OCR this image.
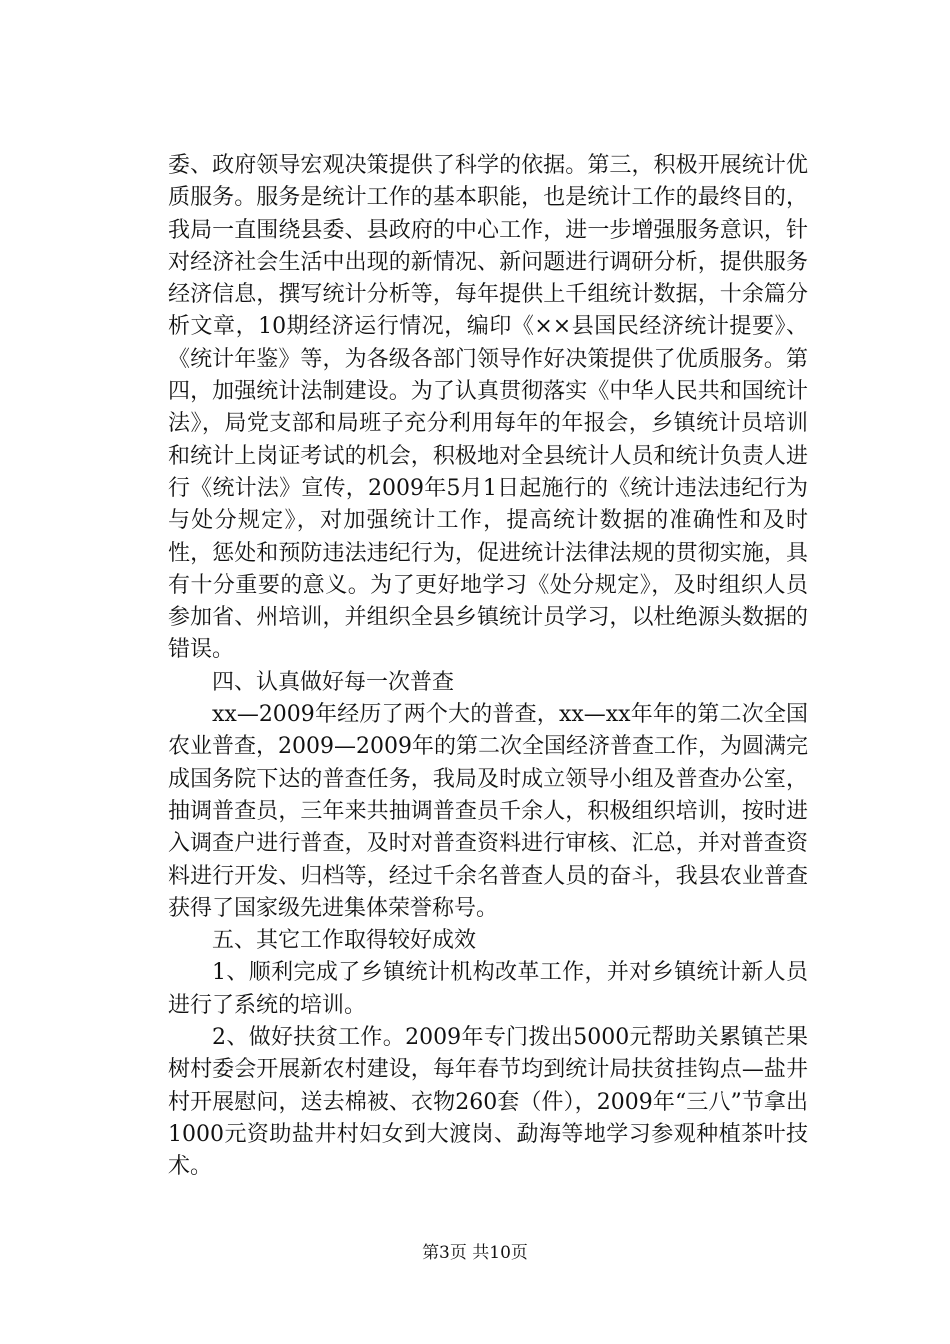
委、政府领导宏观决策提供了科学的依据。第三，积极开展统计优质服务。服务是统计工作的基本职能，也是统计工作的最终目的，我局一直围绕县委、县政府的中心工作，进一步增强服务意识，针对经济社会生活中出现的新情况、新问题进行调研分析，提供服务经济信息，撰写统计分析等，每年提供上千组统计数据，十余篇分析文章，10期经济运行情况，编印《××县国民经济统计提要》、《统计年鉴》等，为各级各部门领导作好决策提供了优质服务。第四，加强统计法制建设。为了认真贯彻落实《中华人民共和国统计法》，局党支部和局班子充分利用每年的年报会，乡镇统计员培训和统计上岗证考试的机会，积极地对全县统计人员和统计负责人进行《统计法》宣传，2009年5月1日起施行的《统计违法违纪行为与处分规定》，对加强统计工作，提高统计数据的准确性和及时性，惩处和预防违法违纪行为，促进统计法律法规的贯彻实施，具有十分重要的意义。为了更好地学习《处分规定》，及时组织人员参加省、州培训，并组织全县乡镇统计员学习，以杜绝源头数据的错误。

四、认真做好每一次普查

xx—2009年经历了两个大的普查，xx—xx年年的第二次全国农业普查，2009—2009年的第二次全国经济普查工作，为圆满完成国务院下达的普查任务，我局及时成立领导小组及普查办公室，抽调普查员，三年来共抽调普查员千余人，积极组织培训，按时进入调查户进行普查，及时对普查资料进行审核、汇总，并对普查资料进行开发、归档等，经过千余名普查人员的奋斗，我县农业普查获得了国家级先进集体荣誉称号。

五、其它工作取得较好成效

1、顺利完成了乡镇统计机构改革工作，并对乡镇统计新人员进行了系统的培训。

2、做好扶贫工作。2009年专门拨出5000元帮助关累镇芒果树村委会开展新农村建设，每年春节均到统计局扶贫挂钩点—盐井村开展慰问，送去棉被、衣物260套（件），2009年“三八”节拿出1000元资助盐井村妇女到大渡岗、勐海等地学习参观种植茶叶技术。

第3页 共10页
